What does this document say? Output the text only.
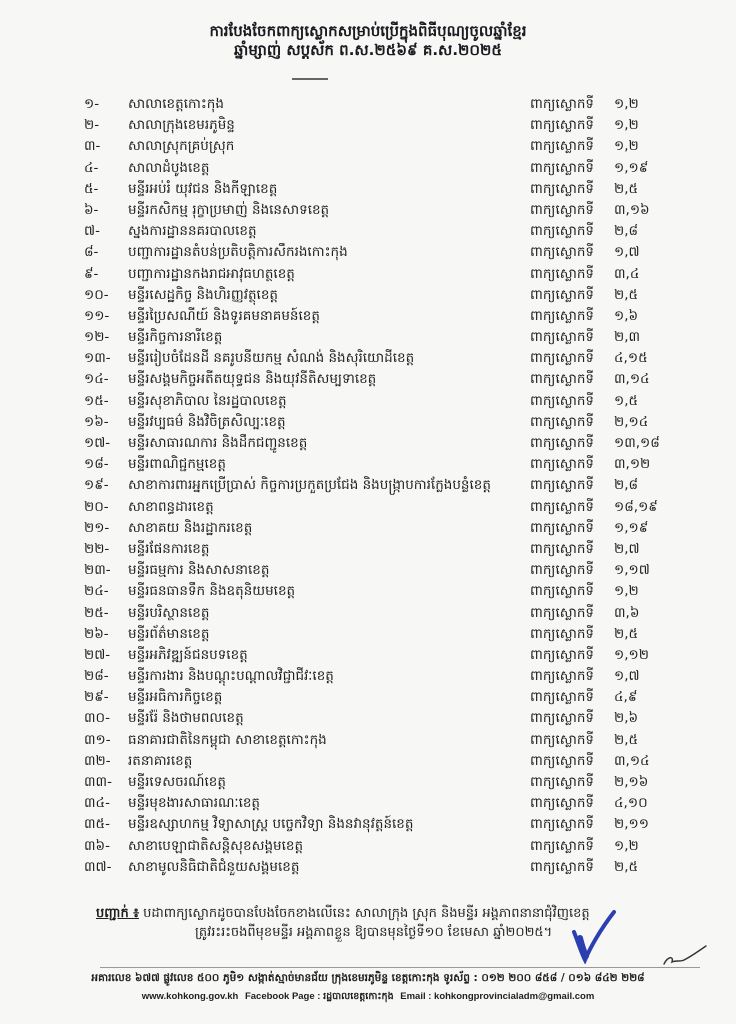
ការបែងចែកពាក្យស្លោកសម្រាប់ប្រើក្នុងពិធីបុណ្យចូលឆ្នាំខ្មែរ
ឆ្នាំម្សាញ់ សប្តស័ក ព.ស.២៥៦៩ គ.ស.២០២៥
១-	សាលាខេត្តកោះកុង	ពាក្យស្លោកទី	១,២
២-	សាលាក្រុងខេមរភូមិន្ទ	ពាក្យស្លោកទី	១,២
៣-	សាលាស្រុកគ្រប់ស្រុក	ពាក្យស្លោកទី	១,២
៤-	សាលាដំបូងខេត្ត	ពាក្យស្លោកទី	១,១៩
៥-	មន្ទីរអប់រំ យុវជន និងកីឡាខេត្ត	ពាក្យស្លោកទី	២,៥
៦-	មន្ទីរកសិកម្ម រុក្ខាប្រមាញ់ និងនេសាទខេត្ត	ពាក្យស្លោកទី	៣,១៦
៧-	ស្នងការដ្ឋាននគរបាលខេត្ត	ពាក្យស្លោកទី	២,៨
៨-	បញ្ជាការដ្ឋានតំបន់ប្រតិបត្តិការសឹករងកោះកុង	ពាក្យស្លោកទី	១,៧
៩-	បញ្ជាការដ្ឋានកងរាជអាវុធហត្ថខេត្ត	ពាក្យស្លោកទី	៣,៤
១០-	មន្ទីរសេដ្ឋកិច្ច និងហិរញ្ញវត្ថុខេត្ត	ពាក្យស្លោកទី	២,៥
១១-	មន្ទីរប្រៃសណីយ៍ និងទូរគមនាគមន៍ខេត្ត	ពាក្យស្លោកទី	១,៦
១២-	មន្ទីរកិច្ចការនារីខេត្ត	ពាក្យស្លោកទី	២,៣
១៣-	មន្ទីររៀបចំដែនដី នគរូបនីយកម្ម សំណង់ និងសុរិយោដីខេត្ត	ពាក្យស្លោកទី	៤,១៥
១៤-	មន្ទីរសង្គមកិច្ចអតីតយុទ្ធជន និងយុវនីតិសម្បទាខេត្ត	ពាក្យស្លោកទី	៣,១៤
១៥-	មន្ទីរសុខាភិបាល នៃរដ្ឋបាលខេត្ត	ពាក្យស្លោកទី	១,៥
១៦-	មន្ទីរវប្បធម៌ និងវិចិត្រសិល្បៈខេត្ត	ពាក្យស្លោកទី	២,១៤
១៧-	មន្ទីរសាធារណការ និងដឹកជញ្ជូនខេត្ត	ពាក្យស្លោកទី	១៣,១៨
១៨-	មន្ទីរពាណិជ្ជកម្មខេត្ត	ពាក្យស្លោកទី	៣,១២
១៩-	សាខាការពារអ្នកប្រើប្រាស់ កិច្ចការប្រកួតប្រជែង និងបង្ក្រាបការក្លែងបន្លំខេត្ត	ពាក្យស្លោកទី	២,៨
២០-	សាខាពន្ធដារខេត្ត	ពាក្យស្លោកទី	១៨,១៩
២១-	សាខាគយ និងរដ្ឋាករខេត្ត	ពាក្យស្លោកទី	១,១៩
២២-	មន្ទីរផែនការខេត្ត	ពាក្យស្លោកទី	២,៧
២៣-	មន្ទីរធម្មការ និងសាសនាខេត្ត	ពាក្យស្លោកទី	១,១៧
២៤-	មន្ទីរធនធានទឹក និងឧតុនិយមខេត្ត	ពាក្យស្លោកទី	១,២
២៥-	មន្ទីរបរិស្ថានខេត្ត	ពាក្យស្លោកទី	៣,៦
២៦-	មន្ទីរព័ត៌មានខេត្ត	ពាក្យស្លោកទី	២,៥
២៧-	មន្ទីរអភិវឌ្ឍន៍ជនបទខេត្ត	ពាក្យស្លោកទី	១,១២
២៨-	មន្ទីរការងារ និងបណ្តុះបណ្តាលវិជ្ជាជីវៈខេត្ត	ពាក្យស្លោកទី	១,៧
២៩-	មន្ទីរអធិការកិច្ចខេត្ត	ពាក្យស្លោកទី	៤,៩
៣០-	មន្ទីររ៉ែ និងថាមពលខេត្ត	ពាក្យស្លោកទី	២,៦
៣១-	ធនាគារជាតិនៃកម្ពុជា សាខាខេត្តកោះកុង	ពាក្យស្លោកទី	២,៥
៣២-	រតនាគារខេត្ត	ពាក្យស្លោកទី	៣,១៤
៣៣-	មន្ទីរទេសចរណ៍ខេត្ត	ពាក្យស្លោកទី	២,១៦
៣៤-	មន្ទីរមុខងារសាធារណៈខេត្ត	ពាក្យស្លោកទី	៤,១០
៣៥-	មន្ទីរឧស្សាហកម្ម វិទ្យាសាស្ត្រ បច្ចេកវិទ្យា និងនវានុវត្តន៍ខេត្ត	ពាក្យស្លោកទី	២,១១
៣៦-	សាខាបេឡាជាតិសន្តិសុខសង្គមខេត្ត	ពាក្យស្លោកទី	១,២
៣៧-	សាខាមូលនិធិជាតិជំនួយសង្គមខេត្ត	ពាក្យស្លោកទី	២,៥
បញ្ជាក់ ៖ បដាពាក្យស្លោកដូចបានបែងចែកខាងលើនេះ សាលាក្រុង ស្រុក និងមន្ទីរ អង្គភាពនានាជុំវិញខេត្ត
ត្រូវរះរះចងពីមុខមន្ទីរ អង្គភាពខ្លួន ឱ្យបានមុនថ្ងៃទី១០ ខែមេសា ឆ្នាំ២០២៥។
អគារលេខ ៦៧៧ ផ្លូវលេខ ៥០០ ភូមិ១ សង្កាត់ស្មាច់មានជ័យ ក្រុងខេមរភូមិន្ទ ខេត្តកោះកុង ទូរស័ព្ទ : ០១២ ២០០ ៨៥៨ / ០១៦ ៨៤២ ២២៨
www.kohkong.gov.kh Facebook Page : រដ្ឋបាលខេត្តកោះកុង Email : kohkongprovincialadm@gmail.com
